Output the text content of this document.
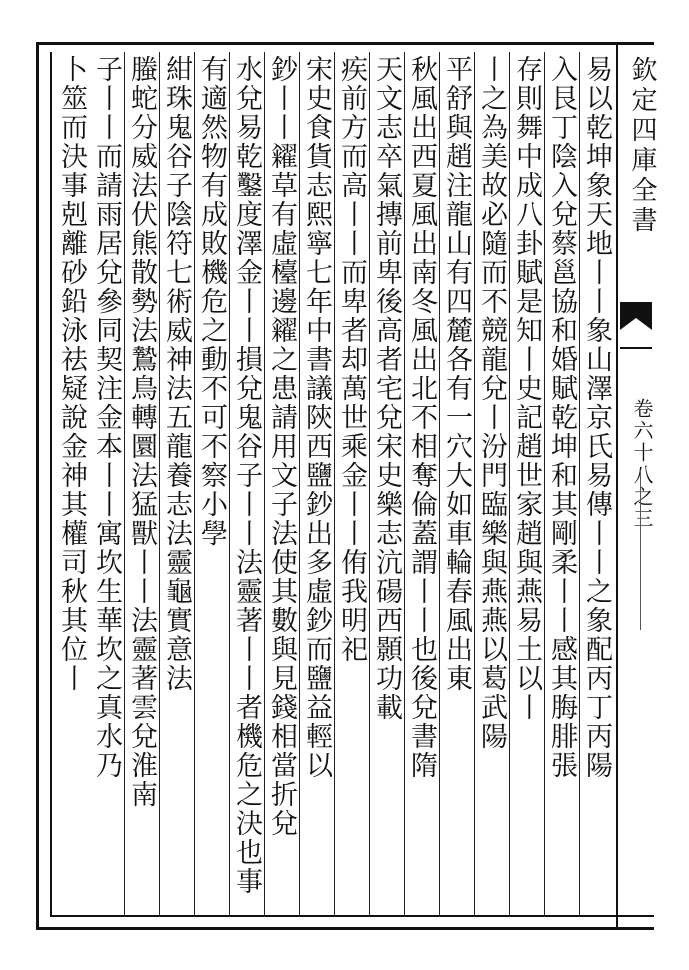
欽定四庫全書
卷六十八之三
易以乾坤象天地丨丨象山澤京氏易傳丨丨之象配丙丁丙陽
入艮丁陰入兌蔡邕協和婚賦乾坤和其剛柔丨丨感其脢腓張
存則舞中成八卦賦是知丨史記趙世家趙與燕易土以丨
丨之為美故必隨而不競龍兌丨汾門臨樂與燕燕以葛武陽
平舒與趙注龍山有四麓各有一穴大如車輪春風出東
秋風出西夏風出南冬風出北不相奪倫蓋謂丨丨也後兌書隋
天文志卒氣摶前卑後高者宅兌宋史樂志沆碭西顥功載
疾前方而高丨丨而卑者却萬世乘金丨丨侑我明祀
宋史食貨志熙寧七年中書議陝西鹽鈔出多虛鈔而鹽益輕以
鈔丨丨糴草有虛檯邊糴之患請用文子法使其數與見錢相當折兌
水兌易乾鑿度澤金丨丨損兌鬼谷子丨丨法靈著丨丨者機危之決也事
有適然物有成敗機危之動不可不察小學
紺珠鬼谷子陰符七術威神法五龍養志法靈龜實意法
螣蛇分威法伏熊散勢法鷙鳥轉圜法猛獸丨丨法靈著雲兌淮南
子丨丨而請雨居兌參同契注金本丨丨寓坎生華坎之真水乃
卜筮而決事剋離砂鉛泳祛疑說金神其權司秋其位丨
